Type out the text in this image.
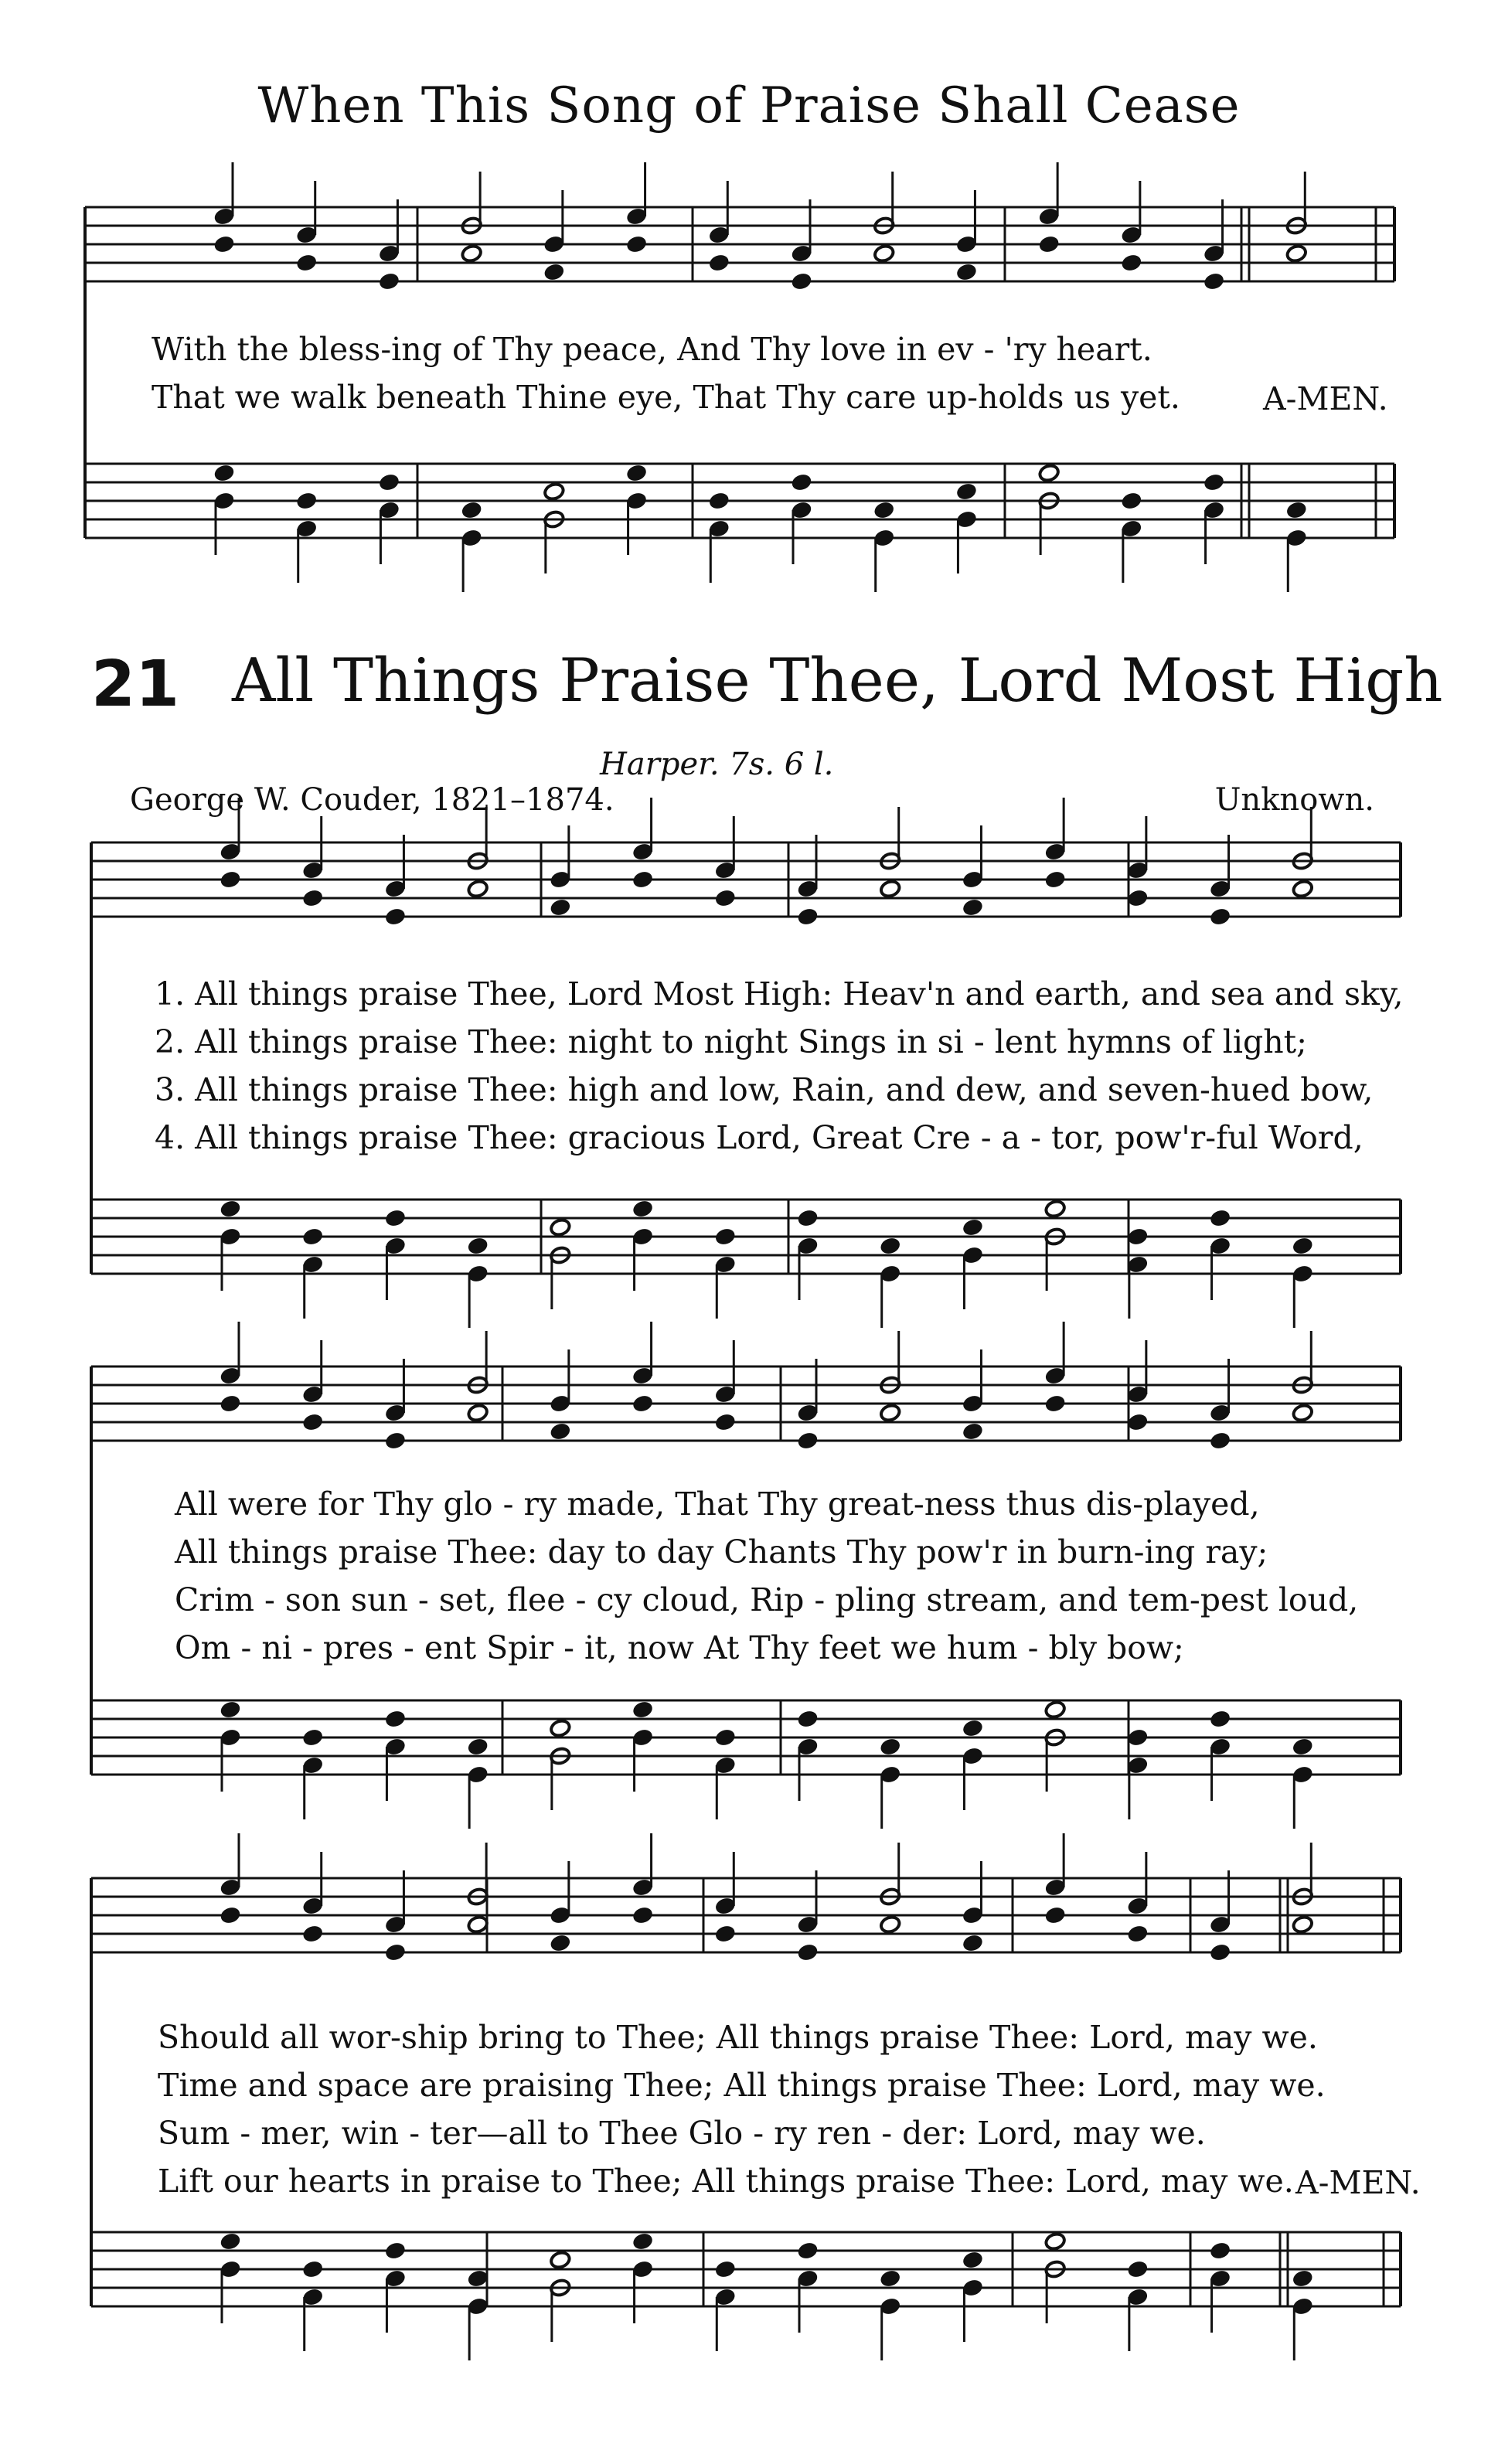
When This Song of Praise Shall Cease
With the bless-ing of Thy peace, And Thy love in ev - 'ry heart.
That we walk beneath Thine eye, That Thy care up-holds us yet.	A-MEN.
21 All Things Praise Thee, Lord Most High
Harper. 7s. 6 l.
George W. Couder, 1821–1874.	Unknown.
1. All things praise Thee, Lord Most High: Heav'n and earth, and sea and sky,
2. All things praise Thee: night to night Sings in si - lent hymns of light;
3. All things praise Thee: high and low, Rain, and dew, and seven-hued bow,
4. All things praise Thee: gracious Lord, Great Cre - a - tor, pow'r-ful Word,
All were for Thy glo - ry made, That Thy great-ness thus dis-played,
All things praise Thee: day to day Chants Thy pow'r in burn-ing ray;
Crim - son sun - set, flee - cy cloud, Rip - pling stream, and tem-pest loud,
Om - ni - pres - ent Spir - it, now At Thy feet we hum - bly bow;
Should all wor-ship bring to Thee; All things praise Thee: Lord, may we.
Time and space are praising Thee; All things praise Thee: Lord, may we.
Sum - mer, win - ter—all to Thee Glo - ry ren - der: Lord, may we.
Lift our hearts in praise to Thee; All things praise Thee: Lord, may we. A-MEN.
